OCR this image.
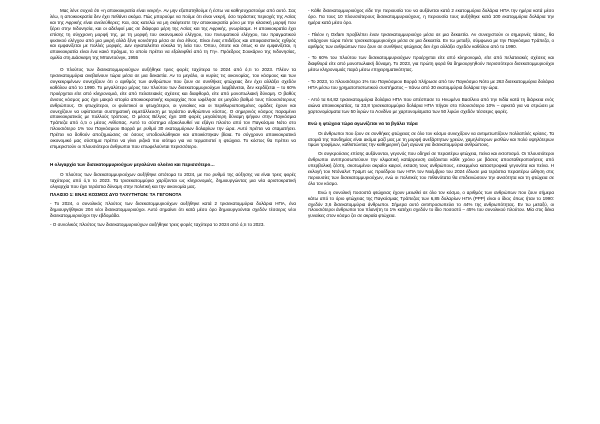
Μας λένε συχνά ότι «η αποικιοκρατία είναι νεκρή». Αν μην εξαπατηθούμε ή έστω να καθησυχαστούμε από αυτό. Σας λέω, η αποικιοκρατία δεν έχει πεθάνει ακόμα. Πώς μπορούμε να πούμε ότι είναι νεκρή, όσο τεράστιες περιοχές της Ασίας και της Αφρικής είναι ανελεύθερες; Και, σας κατελώ να μη σκέφτεστε την αποικιοκρατία μόνο με την κλασική μορφή που ξέρει στην Ινδονησία, και οι αδελφοί μας σε διάφορα μέρη της Ασίας και της Αφρικής, γνωρίσαμε. Η αποικιοκρατία έχει επίσης τη σύγχρονη μορφή της, με τη μορφή του οικονομικού ελέγχου, του πνευματικού ελέγχου, του πραγματικού φυσικού ελέγχου από μια μικρή αλλά ξένη κοινότητα μέσα σε ένα έθνος. Είναι ένας επιδέξιος και αποφασιστικός εχθρός και εμφανίζεται με πολλές μορφές. Δεν εγκαταλείπει εύκολα τη λεία του. Όπου, όποτε και όπως κι αν εμφανίζεται, η αποικιοκρατία είναι ένα κακό πράγμα, το οποίο πρέπει να εξαλειφθεί από τη Γη». Πρόεδρος Σουκάρνο της Ινδονησίας, ομιλία στη Διάσκεψη της Μπαντούνγκ, 1955

Ο πλούτος των δισεκατομμυριούχων αυξήθηκε τρεις φορές ταχύτερα το 2024 από ό,τι το 2023. Πλέον τα τρισεκατομμύρια ανεβαίνουν τώρα μέσα σε μια δεκαετία. Αν το μεγάλο, οι κυρίες τις οικονομίας, του κόσμους και των συγκεκριμένων συνεχίζουν ότι ο αριθμός των ανθρώπων που ζουν σε συνθήκες φτώχειας δεν έχει αλλάξει σχεδόν καθόλου από το 1990. Το μεγαλύτερο μέρος του πλούτου των δισεκατομμυριούχων λαμβάνεται, δεν κερδίζεται – το 60% προέρχεται είτε από κληρονομιά, είτε από πελατειακές σχέσεις και διαφθορά, είτε από μονοπωλιακή δύναμη. Ο βαθύς άνισος κόσμος μας έχει μακρά ιστορία αποικιοκρατικής κυριαρχίας που ωφέλησε σε μεγάλο βαθμό τους πλουσιότερους ανθρώπους. Οι φτωχότεροι, οι φυλετικοί οι φτωχότεροι, οι γυναίκες και οι περιθωριοποιημένες ομάδες έχουν και συνεχίζουν να υφίστανται συστηματική εκμετάλλευση με τεράστιο ανθρώπινο κόστος. Ο σημερινός κόσμος παραμένει αποικιοκρατικός με πολλούς τρόπους. Ο μέσος Βέλγος έχει 180 φορές μεγαλύτερη δύναμη ψήφου στην Παγκόσμια Τράπεζα από ό,τι ο μέσος Αιθίοπας. Αυτό το σύστημα εξακολουθεί να εξάγει πλούτο από τον Παγκόσμιο Νότο στο πλουσιότερο 1% του Παγκόσμιου Βορρά με ρυθμό 30 εκατομμύριων δολαρίων την ώρα. Αυτό πρέπει να σταματήσει. Πρέπει να δοθούν αποζημιώσεις σε όσους υποδουλώθηκαν και αποικίστηκαν βίαια. Το σύγχρονο αποικιοκρατικό οικονομικό μας σύστημα πρέπει να γίνει ριζικά πιο ισότιμο για να τερματιστεί η φτώχεια. Το κόστος θα πρέπει να επιμεριστούν οι πλουσιότεροι άνθρωποι που επωφελούνται περισσότερο.

Η ολιγαρχία των δισεκατομμυριούχων μεγαλώνει ολοένα και περισσότερο…

Ο πλούτος των δισεκατομμυριούχων αυξήθηκε απότομα το 2024, με πιο ρυθμό της αύξησης να είναι τρεις φορές ταχύτερος από ό,τι το 2023. Τα τρισεκατομμύρια χαρίζονται ως κληρονομιές, δημιουργώντας μια νέα αριστοκρατική ολιγαρχία που έχει τεράστια δύναμη στην πολιτική και την οικονομία μας.

ΠΛΑΙΣΙΟ 1: ΕΝΑΣ ΚΟΣΜΟΣ ΔΥΟ ΤΑΧΥΤΗΤΩΝ: ΤΑ ΓΕΓΟΝΟΤΑ

- Το 2024, ο συνολικός πλούτος των δισεκατομμυριούχων αυξήθηκε κατά 2 τρισεκατομμύρια δολάρια ΗΠΑ, ένα δημιουργήθηκαν 204 νέοι δισεκατομμυριούχοι. Αυτό σημαίνει ότι κατά μέσο όρο δημιουργούνται σχεδόν τέσσερις νέοι δισεκατομμυριούχοι την εβδομάδα.

- Ο συνολικός πλούτος των δισεκατομμυριούχων αυξήθηκε τρεις φορές ταχύτερα το 2024 από ό,τι το 2023.

- Κάθε δισεκατομμυριούχος είδε την περιουσία του να αυξάνεται κατά 2 εκατομμύρια δολάρια ΗΠΑ την ημέρα κατά μέσο όρο. Για τους 10 πλουσιότερους δισεκατομμυριούχους, η περιουσία τους αυξήθηκε κατά 100 εκατομμύρια δολάρια την ημέρα κατά μέσο όρο.

- Πλέον η Oxfam προβλέπει έναν τρισεκατομμυριούχο μέσα σε μια δεκαετία. Αν συνεχιστούν οι σημερινές τάσεις, θα υπάρχουν τώρα πέντε τρισεκατομμυριούχοι μέσα σε μια δεκαετία. Εν τω μεταξύ, σύμφωνα με την Παγκόσμια Τράπεζα, ο αριθμός των ανθρώπων που ζουν σε συνθήκες φτώχειας δεν έχει αλλάξει σχεδόν καθόλου από το 1990.

- Το 60% του πλούτου των δισεκατομμυριούχων προέρχεται είτε από κληρονομιά, είτε από πελατειακές σχέσεις και διαφθορά είτε από μονοπωλιακή δύναμη. Το 2023, για πρώτη φορά θα δημιουργηθούν περισσότεροι δισεκατομμυριούχοι μέσω κληρονομιάς παρά μέσω επιχειρηματικότητας.

- Το 2023, το πλουσιότερο 1% του Παγκόσμιου Βορρά πλήρωσε από τον Παγκόσμιο Νότο με 263 δισεκατομμύρια δολάρια ΗΠΑ μέσω του χρηματοπιστωτικού συστήματος – πάνω από 30 εκατομμύρια δολάρια την ώρα.

- Από τα 64,82 τρισεκατομμύρια δολάρια ΗΠΑ που απέσπασε το Ηνωμένο Βασίλειο από την Ινδία κατά τη διάρκεια ενός αιώνα αποικιοκρατίας, τα 33,8 τρισεκατομμύρια δολάρια ΗΠΑ πήγαν στο πλουσιότερο 10% – αρκετά για να στρώσει με χαρτονομίσματα των 50 λιρών το Λονδίνο με χαρτονομίσματα των 50 λιρών σχεδόν τέσσερις φορές.

Ενώ η φτώχεια τώρα αγωνίζεται να τα βγάλει πέρα

Οι άνθρωποι που ζουν σε συνθήκες φτώχειας σε όλο τον κόσμο συνεχίζουν να αντιμετωπίζουν πολλαπλές κρίσεις. Τα ατομιά της πανδημίας είναι ακόμα μαζί μας με τη μορφή ανεξάρτητων χρεών, χαμηλότερων μισθών και πολύ υψηλότερων τιμών τροφίμων, καθιστώντας την καθημερινή ζωή αγώνα για δισεκατομμύρια ανθρώπους.

Οι συγκρούσεις επίσης αυξάνονται, γεγονός που οδηγεί σε περαιτέρω φτώχεια, πείνα και εκτοπισμό. Οι πλουσιότεροι άνθρωποι αντιπροσωπεύουν την κλιματική κατάρρευση αυξάνεται κάθε χρόνο με βάσεις αποσταθεροποιήσεις από υπερβολική ζέστη, σκοτωμένοι ακραίοι καιροί, εκταση τους ανθρώπους, εσκεμμένα καταστροφικά γεγονότα και πείνα. Η εκλογή του Ντόναλντ Τραμπ ως προέδρου των ΗΠΑ τον Νοέμβριο του 2024 έδωσε μια τεράστια περαιτέρω ώθηση στις περιουσίες των δισεκατομμυριούχων, ενώ οι πολιτικές του πιθανότατα θα επιδεινώσουν την ανισότητα και τη φτώχεια σε όλο τον κόσμο.

Ενώ η συνολική ποσοστά φτώχειας έχουν μειωθεί σε όλο τον κόσμο, ο αριθμός των ανθρώπων που ζουν σήμερα κάτω από το όριο φτώχειας της Παγκόσμιας Τράπεζας των 6,85 δολαρίων ΗΠΑ (PPP) είναι ο ίδιος όπως ήταν το 1990: σχεδόν 3,6 δισεκατομμύρια άνθρωποι. Σήμερα αυτό αντιπροσωπεύει το 44% της ανθρωπότητας. Εν τω μεταξύ, οι πλουσιότεροι άνθρωποι του πλανήτη το 1% κατέχει σχεδόν το ίδιο ποσοστό – 45% του συνολικού πλούτου. Μία στις δέκα γυναίκες στον κόσμο ζει σε ακραία φτώχεια.
